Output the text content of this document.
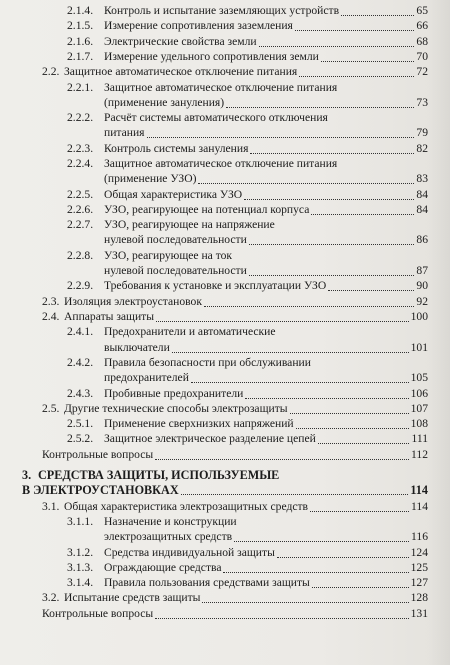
2.1.4. Контроль и испытание заземляющих устройств	65
2.1.5. Измерение сопротивления заземления	66
2.1.6. Электрические свойства земли	68
2.1.7. Измерение удельного сопротивления земли	70
2.2. Защитное автоматическое отключение питания	72
2.2.1. Защитное автоматическое отключение питания
(применение зануления)	73
2.2.2. Расчёт системы автоматического отключения
питания	79
2.2.3. Контроль системы зануления	82
2.2.4. Защитное автоматическое отключение питания
(применение УЗО)	83
2.2.5. Общая характеристика УЗО	84
2.2.6. УЗО, реагирующее на потенциал корпуса	84
2.2.7. УЗО, реагирующее на напряжение
нулевой последовательности	86
2.2.8. УЗО, реагирующее на ток
нулевой последовательности	87
2.2.9. Требования к установке и эксплуатации УЗО	90
2.3. Изоляция электроустановок	92
2.4. Аппараты защиты	100
2.4.1. Предохранители и автоматические
выключатели	101
2.4.2. Правила безопасности при обслуживании
предохранителей	105
2.4.3. Пробивные предохранители	106
2.5. Другие технические способы электрозащиты	107
2.5.1. Применение сверхнизких напряжений	108
2.5.2. Защитное электрическое разделение цепей	111
Контрольные вопросы	112
3. СРЕДСТВА ЗАЩИТЫ, ИСПОЛЬЗУЕМЫЕ
В ЭЛЕКТРОУСТАНОВКАХ	114
3.1. Общая характеристика электрозащитных средств	114
3.1.1. Назначение и конструкции
электрозащитных средств	116
3.1.2. Средства индивидуальной защиты	124
3.1.3. Ограждающие средства	125
3.1.4. Правила пользования средствами защиты	127
3.2. Испытание средств защиты	128
Контрольные вопросы	131
